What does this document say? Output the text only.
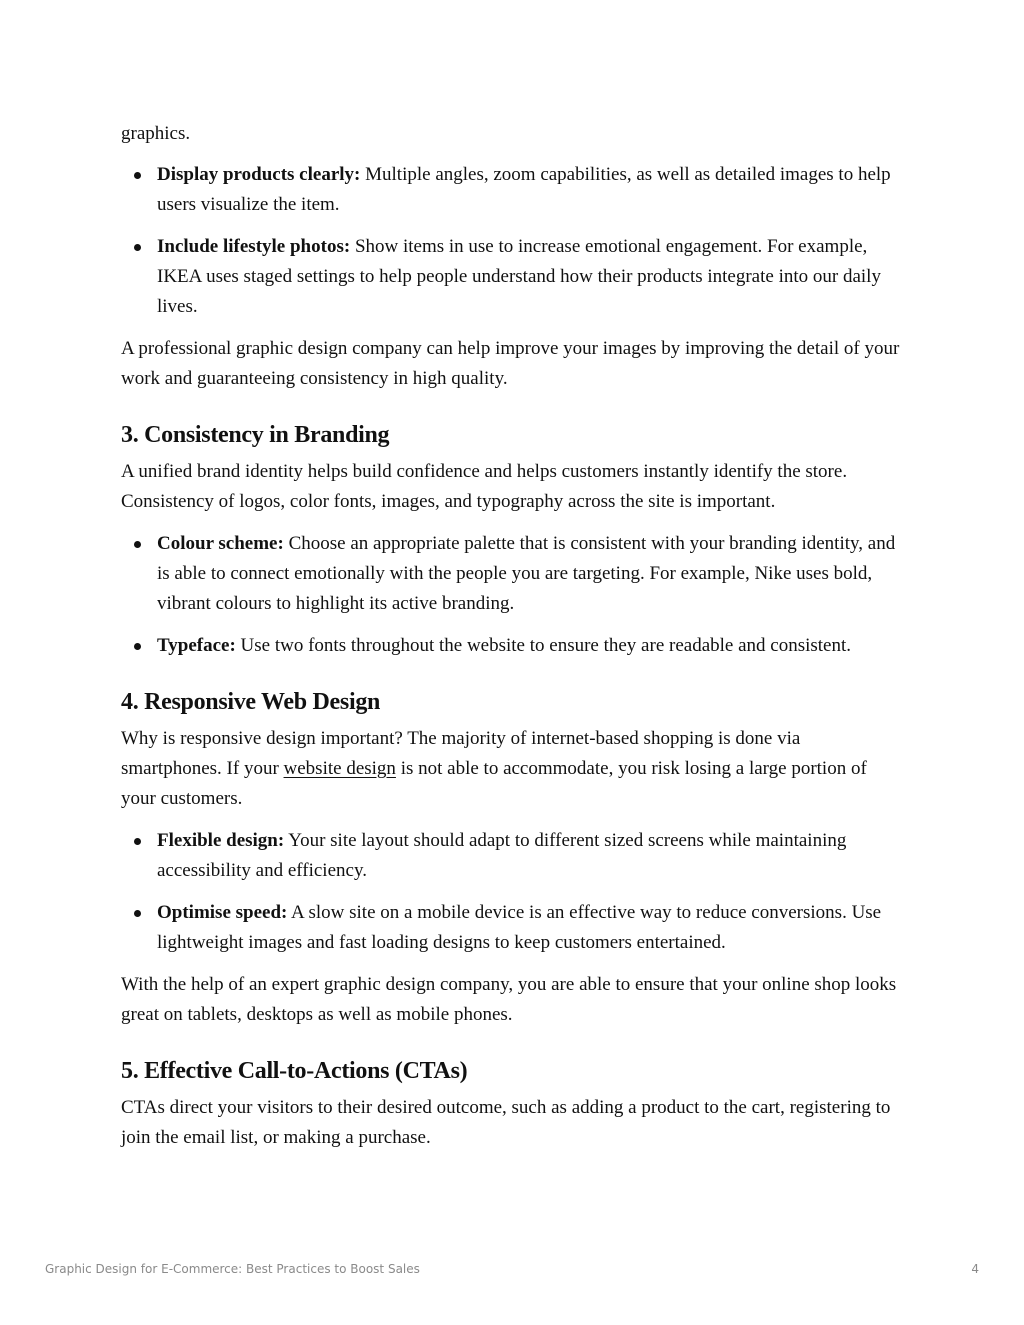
graphics.

Display products clearly: Multiple angles, zoom capabilities, as well as detailed images to help users visualize the item.
Include lifestyle photos: Show items in use to increase emotional engagement. For example, IKEA uses staged settings to help people understand how their products integrate into our daily lives.

A professional graphic design company can help improve your images by improving the detail of your work and guaranteeing consistency in high quality.

3. Consistency in Branding

A unified brand identity helps build confidence and helps customers instantly identify the store. Consistency of logos, color fonts, images, and typography across the site is important.

Colour scheme: Choose an appropriate palette that is consistent with your branding identity, and is able to connect emotionally with the people you are targeting. For example, Nike uses bold, vibrant colours to highlight its active branding.
Typeface: Use two fonts throughout the website to ensure they are readable and consistent.
4. Responsive Web Design

Why is responsive design important? The majority of internet-based shopping is done via smartphones. If your website design is not able to accommodate, you risk losing a large portion of your customers.

Flexible design: Your site layout should adapt to different sized screens while maintaining accessibility and efficiency.
Optimise speed: A slow site on a mobile device is an effective way to reduce conversions. Use lightweight images and fast loading designs to keep customers entertained.

With the help of an expert graphic design company, you are able to ensure that your online shop looks great on tablets, desktops as well as mobile phones.

5. Effective Call-to-Actions (CTAs)

CTAs direct your visitors to their desired outcome, such as adding a product to the cart, registering to join the email list, or making a purchase.

Graphic Design for E-Commerce: Best Practices to Boost Sales	4
